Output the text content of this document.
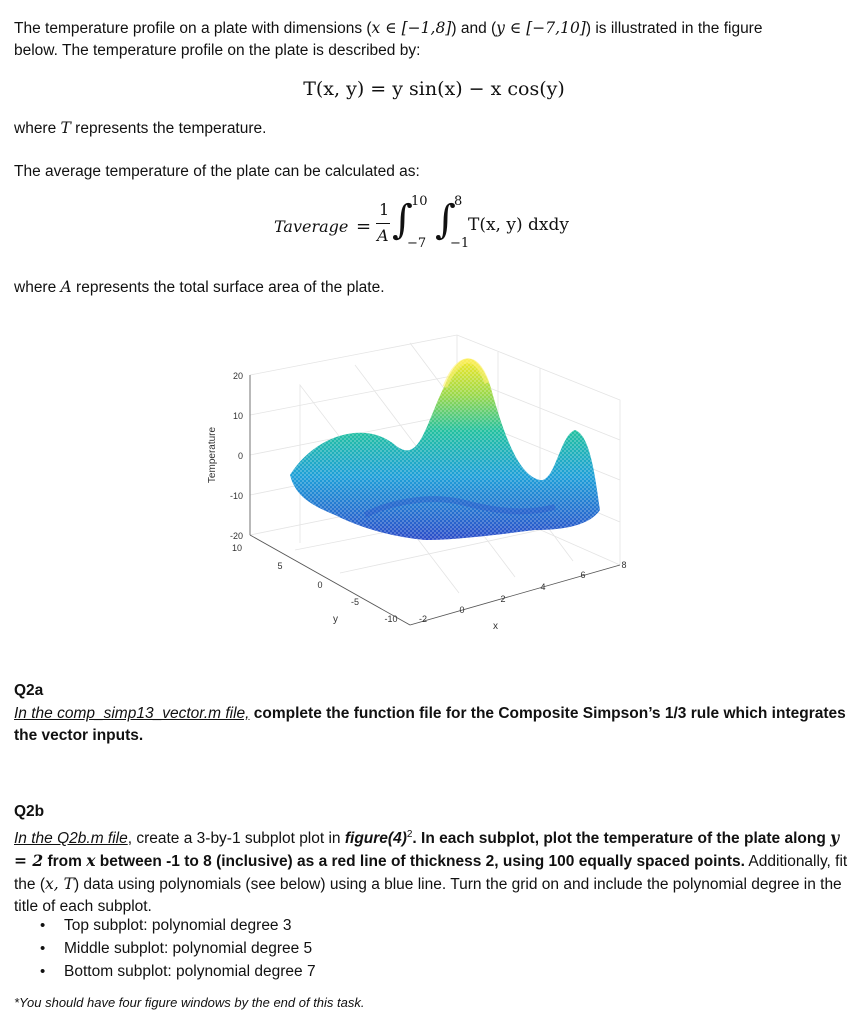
The temperature profile on a plate with dimensions (x ∈ [−1,8]) and (y ∈ [−7,10]) is illustrated in the figure
below. The temperature profile on the plate is described by:

T(x, y) = y sin(x) − x cos(y)

where T represents the temperature.

The average temperature of the plate can be calculated as:

Taverage =
1
A ∫
10
−7
∫
8
−1
T(x, y) dxdy

where A represents the total surface area of the plate.

20
10
0
-10
-20
Temperature
10
5
0
-5
-10
y	-2
0
2
4
6
8
x

Q2a

In the comp_simp13_vector.m file, complete the function file for the Composite Simpson’s 1/3 rule which integrates the vector inputs.

Q2b

In the Q2b.m file, create a 3-by-1 subplot plot in $figure(4)^2$. In each subplot, plot the temperature of the plate along y = 2 from x between -1 to 8 (inclusive) as a red line of thickness 2, using 100 equally spaced points. Additionally, fit the (x, T) data using polynomials (see below) using a blue line. Turn the grid on and include the polynomial degree in the title of each subplot.

• Top subplot: polynomial degree 3
• Middle subplot: polynomial degree 5
• Bottom subplot: polynomial degree 7

*You should have four figure windows by the end of this task.
